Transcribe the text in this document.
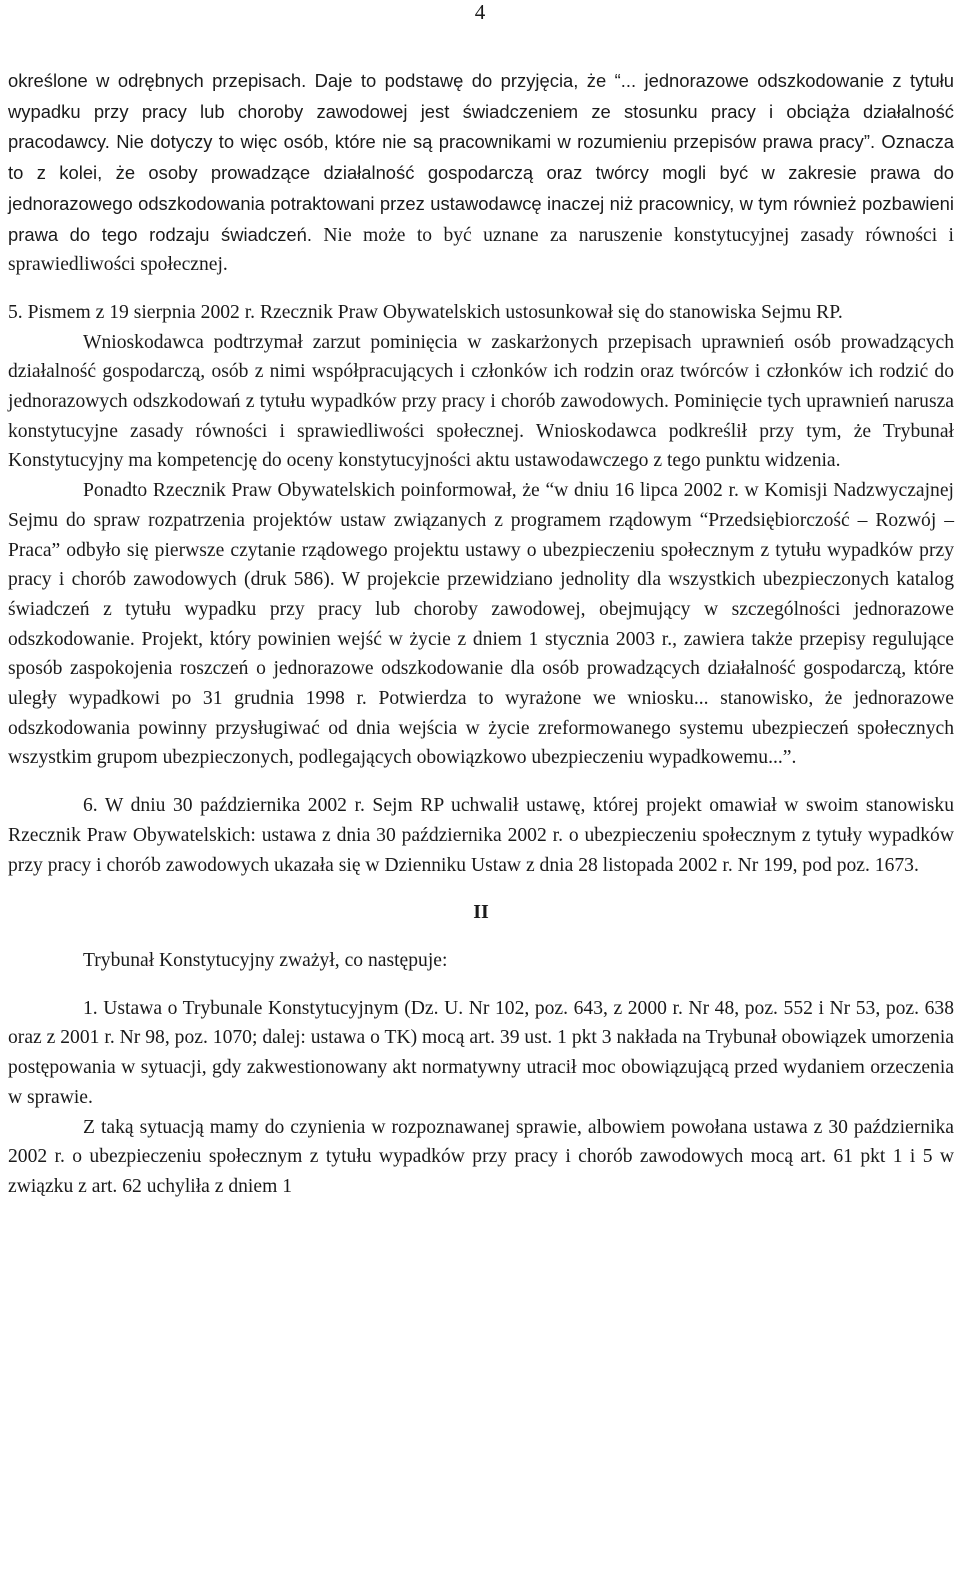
4

określone w odrębnych przepisach. Daje to podstawę do przyjęcia, że “... jednorazowe odszkodowanie z tytułu wypadku przy pracy lub choroby zawodowej jest świadczeniem ze stosunku pracy i obciąża działalność pracodawcy. Nie dotyczy to więc osób, które nie są pracownikami w rozumieniu przepisów prawa pracy”. Oznacza to z kolei, że osoby prowadzące działalność gospodarczą oraz twórcy mogli być w zakresie prawa do jednorazowego odszkodowania potraktowani przez ustawodawcę inaczej niż pracownicy, w tym również pozbawieni prawa do tego rodzaju świadczeń. Nie może to być uznane za naruszenie konstytucyjnej zasady równości i sprawiedliwości społecznej.

5. Pismem z 19 sierpnia 2002 r. Rzecznik Praw Obywatelskich ustosunkował się do stanowiska Sejmu RP.

Wnioskodawca podtrzymał zarzut pominięcia w zaskarżonych przepisach uprawnień osób prowadzących działalność gospodarczą, osób z nimi współpracujących i członków ich rodzin oraz twórców i członków ich rodzić do jednorazowych odszkodowań z tytułu wypadków przy pracy i chorób zawodowych. Pominięcie tych uprawnień narusza konstytucyjne zasady równości i sprawiedliwości społecznej. Wnioskodawca podkreślił przy tym, że Trybunał Konstytucyjny ma kompetencję do oceny konstytucyjności aktu ustawodawczego z tego punktu widzenia.

Ponadto Rzecznik Praw Obywatelskich poinformował, że “w dniu 16 lipca 2002 r. w Komisji Nadzwyczajnej Sejmu do spraw rozpatrzenia projektów ustaw związanych z programem rządowym “Przedsiębiorczość – Rozwój – Praca” odbyło się pierwsze czytanie rządowego projektu ustawy o ubezpieczeniu społecznym z tytułu wypadków przy pracy i chorób zawodowych (druk 586). W projekcie przewidziano jednolity dla wszystkich ubezpieczonych katalog świadczeń z tytułu wypadku przy pracy lub choroby zawodowej, obejmujący w szczególności jednorazowe odszkodowanie. Projekt, który powinien wejść w życie z dniem 1 stycznia 2003 r., zawiera także przepisy regulujące sposób zaspokojenia roszczeń o jednorazowe odszkodowanie dla osób prowadzących działalność gospodarczą, które uległy wypadkowi po 31 grudnia 1998 r. Potwierdza to wyrażone we wniosku... stanowisko, że jednorazowe odszkodowania powinny przysługiwać od dnia wejścia w życie zreformowanego systemu ubezpieczeń społecznych wszystkim grupom ubezpieczonych, podlegających obowiązkowo ubezpieczeniu wypadkowemu...”.

6. W dniu 30 października 2002 r. Sejm RP uchwalił ustawę, której projekt omawiał w swoim stanowisku Rzecznik Praw Obywatelskich: ustawa z dnia 30 października 2002 r. o ubezpieczeniu społecznym z tytuły wypadków przy pracy i chorób zawodowych ukazała się w Dzienniku Ustaw z dnia 28 listopada 2002 r. Nr 199, pod poz. 1673.

II

Trybunał Konstytucyjny zważył, co następuje:

1. Ustawa o Trybunale Konstytucyjnym (Dz. U. Nr 102, poz. 643, z 2000 r. Nr 48, poz. 552 i Nr 53, poz. 638 oraz z 2001 r. Nr 98, poz. 1070; dalej: ustawa o TK) mocą art. 39 ust. 1 pkt 3 nakłada na Trybunał obowiązek umorzenia postępowania w sytuacji, gdy zakwestionowany akt normatywny utracił moc obowiązującą przed wydaniem orzeczenia w sprawie.

Z taką sytuacją mamy do czynienia w rozpoznawanej sprawie, albowiem powołana ustawa z 30 października 2002 r. o ubezpieczeniu społecznym z tytułu wypadków przy pracy i chorób zawodowych mocą art. 61 pkt 1 i 5 w związku z art. 62 uchyliła z dniem 1
